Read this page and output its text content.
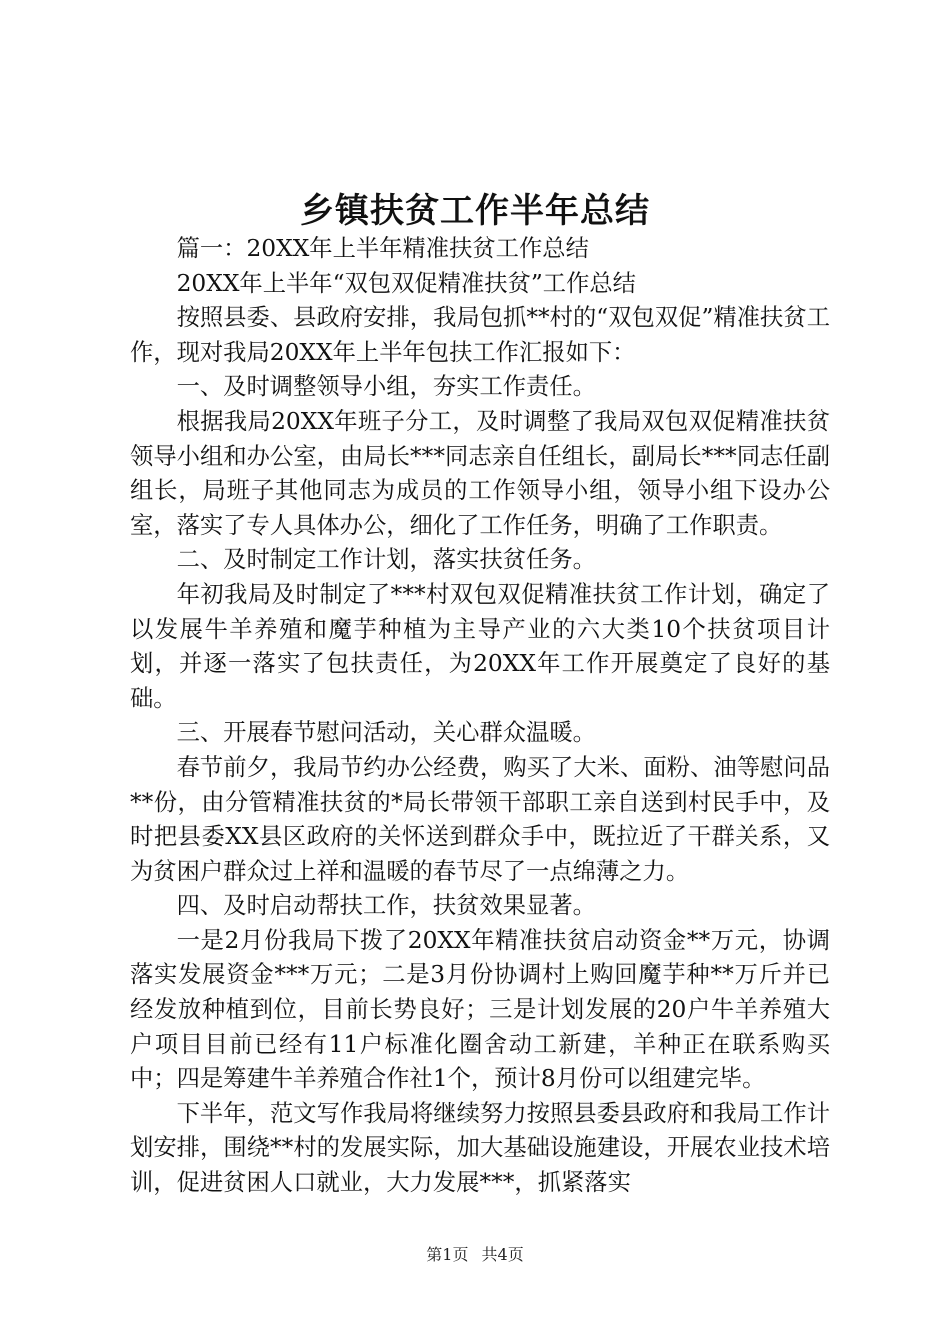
乡镇扶贫工作半年总结

篇一：20XX年上半年精准扶贫工作总结

20XX年上半年“双包双促精准扶贫”工作总结

按照县委、县政府安排，我局包抓**村的“双包双促”精准扶贫工作，现对我局20XX年上半年包扶工作汇报如下：

一、及时调整领导小组，夯实工作责任。

根据我局20XX年班子分工，及时调整了我局双包双促精准扶贫领导小组和办公室，由局长***同志亲自任组长，副局长***同志任副组长，局班子其他同志为成员的工作领导小组，领导小组下设办公室，落实了专人具体办公，细化了工作任务，明确了工作职责。

二、及时制定工作计划，落实扶贫任务。

年初我局及时制定了***村双包双促精准扶贫工作计划，确定了以发展牛羊养殖和魔芋种植为主导产业的六大类10个扶贫项目计划，并逐一落实了包扶责任，为20XX年工作开展奠定了良好的基础。

三、开展春节慰问活动，关心群众温暖。

春节前夕，我局节约办公经费，购买了大米、面粉、油等慰问品**份，由分管精准扶贫的*局长带领干部职工亲自送到村民手中，及时把县委XX县区政府的关怀送到群众手中，既拉近了干群关系，又为贫困户群众过上祥和温暖的春节尽了一点绵薄之力。

四、及时启动帮扶工作，扶贫效果显著。

一是2月份我局下拨了20XX年精准扶贫启动资金**万元，协调落实发展资金***万元；二是3月份协调村上购回魔芋种**万斤并已经发放种植到位，目前长势良好；三是计划发展的20户牛羊养殖大户项目目前已经有11户标准化圈舍动工新建，羊种正在联系购买中；四是筹建牛羊养殖合作社1个，预计8月份可以组建完毕。

下半年，范文写作我局将继续努力按照县委县政府和我局工作计划安排，围绕**村的发展实际，加大基础设施建设，开展农业技术培训，促进贫困人口就业，大力发展***，抓紧落实

第1页 共4页
